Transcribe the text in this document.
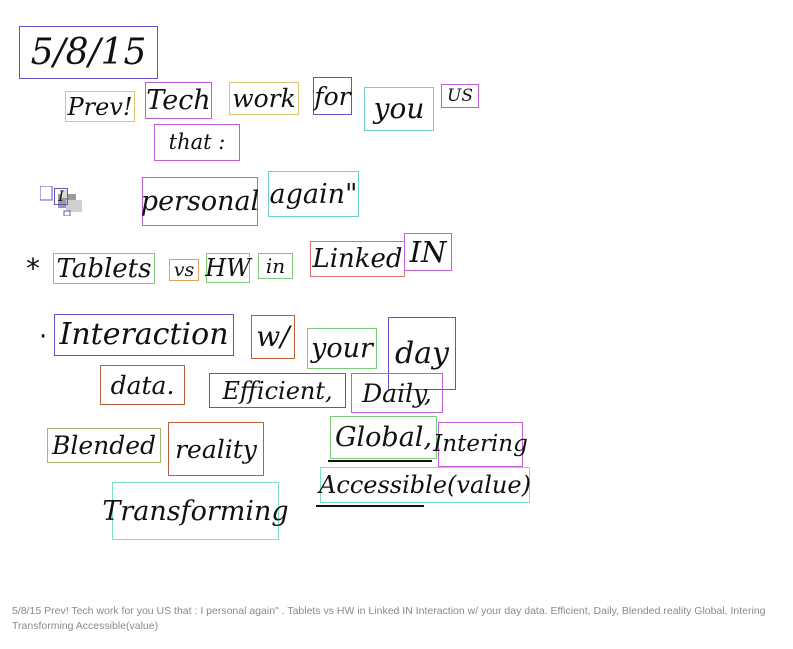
5/8/15
Prev! Tech work for you	US
that :
I	personal again"
* Tablets vs HW in	Linked IN
· Interaction w/ your day
data.	Efficient,	Daily,
Blended reality	Global, Intering
Transforming
Accessible(value)
5/8/15 Prev! Tech work for you US that : I personal again" . Tablets vs HW in Linked IN Interaction w/ your day data. Efficient, Daily, Blended reality Global, Intering Transforming Accessible(value)
